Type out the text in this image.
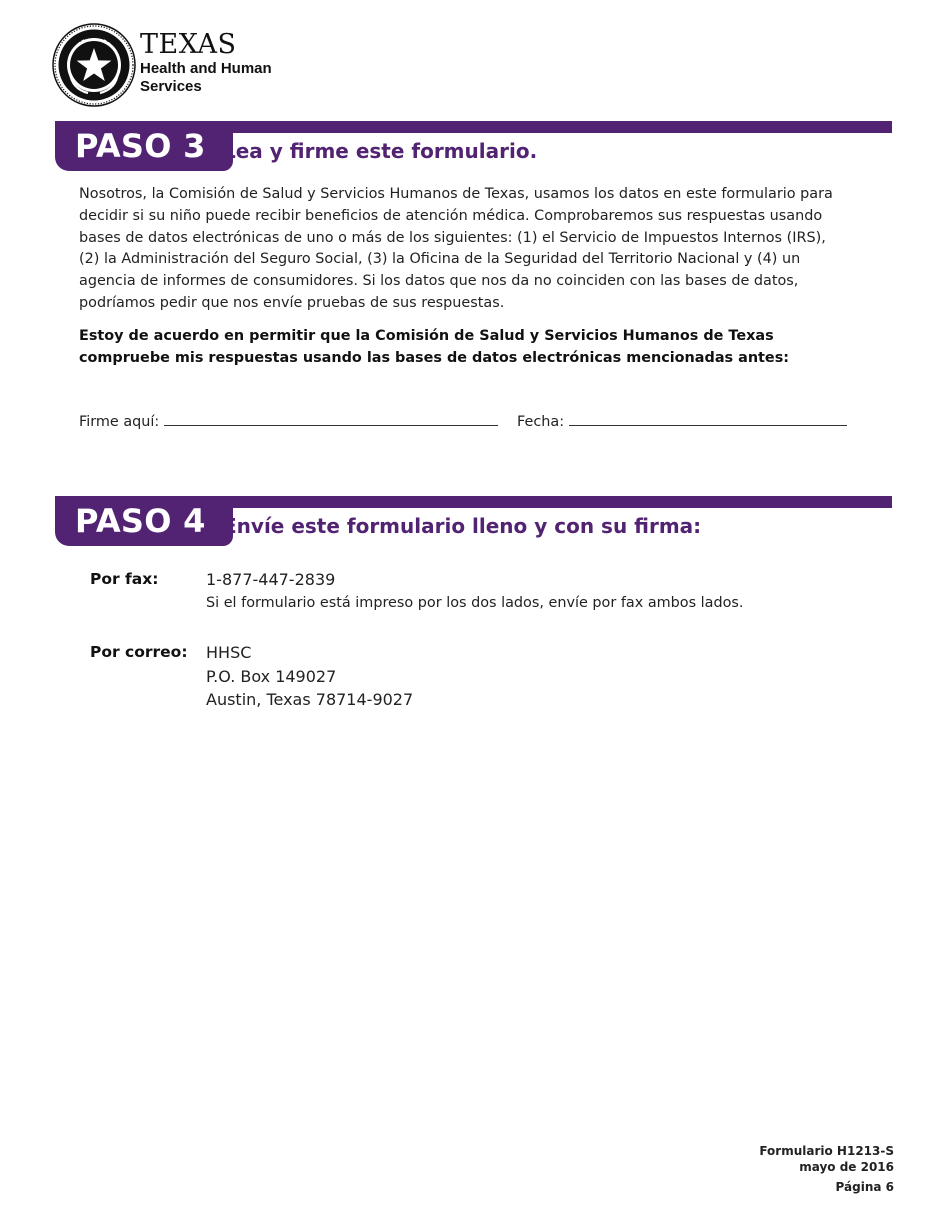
TEXAS
Health and Human
Services
PASO 3 Lea y firme este formulario.

Nosotros, la Comisión de Salud y Servicios Humanos de Texas, usamos los datos en este formulario para decidir si su niño puede recibir beneficios de atención médica. Comprobaremos sus respuestas usando bases de datos electrónicas de uno o más de los siguientes: (1) el Servicio de Impuestos Internos (IRS), (2) la Administración del Seguro Social, (3) la Oficina de la Seguridad del Territorio Nacional y (4) un agencia de informes de consumidores. Si los datos que nos da no coinciden con las bases de datos, podríamos pedir que nos envíe pruebas de sus respuestas.

Estoy de acuerdo en permitir que la Comisión de Salud y Servicios Humanos de Texas compruebe mis respuestas usando las bases de datos electrónicas mencionadas antes:

Firme aquí:	Fecha:
PASO 4 Envíe este formulario lleno y con su firma:
Por fax:	1-877-447-2839
Si el formulario está impreso por los dos lados, envíe por fax ambos lados.
Por correo: HHSC
P.O. Box 149027
Austin, Texas 78714-9027
Formulario H1213-S
mayo de 2016
Página 6
